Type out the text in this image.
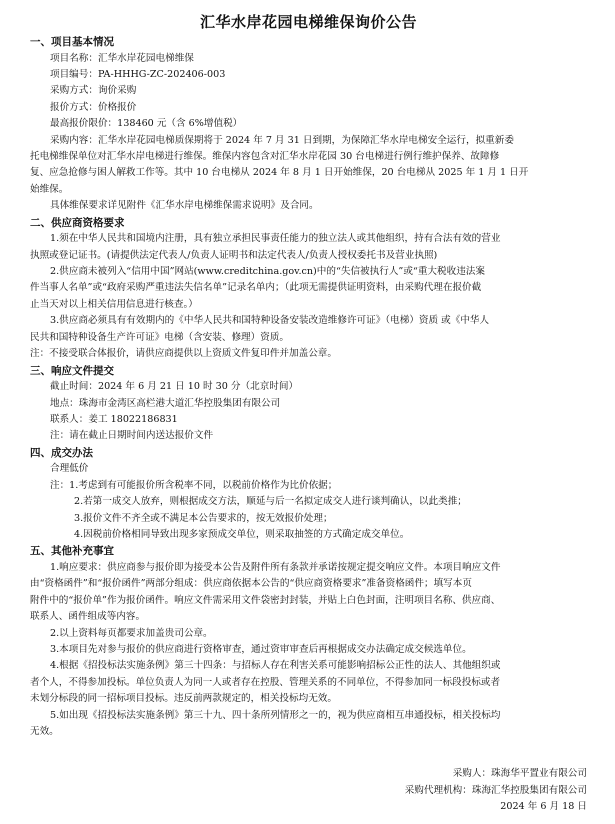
汇华水岸花园电梯维保询价公告
一、项目基本情况
项目名称：汇华水岸花园电梯维保
项目编号：PA-HHHG-ZC-202406-003
采购方式：询价采购
报价方式：价格报价
最高报价限价：138460 元（含 6%增值税）
采购内容：汇华水岸花园电梯质保期将于 2024 年 7 月 31 日到期，为保障汇华水岸电梯安全运行，拟重新委
托电梯维保单位对汇华水岸电梯进行维保。维保内容包含对汇华水岸花园 30 台电梯进行例行维护保养、故障修
复、应急抢修与困人解救工作等。其中 10 台电梯从 2024 年 8 月 1 日开始维保，20 台电梯从 2025 年 1 月 1 日开
始维保。
具体维保要求详见附件《汇华水岸电梯维保需求说明》及合同。
二、供应商资格要求
1.须在中华人民共和国境内注册，具有独立承担民事责任能力的独立法人或其他组织，持有合法有效的营业
执照或登记证书。(请提供法定代表人/负责人证明书和法定代表人/负责人授权委托书及营业执照)
2.供应商未被列入“信用中国”网站(www.creditchina.gov.cn)中的“失信被执行人”或“重大税收违法案
件当事人名单”或“政府采购严重违法失信名单”记录名单内；（此项无需提供证明资料，由采购代理在报价截
止当天对以上相关信用信息进行核查。）
3.供应商必须具有有效期内的《中华人民共和国特种设备安装改造维修许可证》（电梯）资质 或《中华人
民共和国特种设备生产许可证》电梯（含安装、修理）资质。
注：不接受联合体报价，请供应商提供以上资质文件复印件并加盖公章。
三、响应文件提交
截止时间：2024 年 6 月 21 日 10 时 30 分（北京时间）
地点：珠海市金湾区高栏港大道汇华控股集团有限公司
联系人：姜工 18022186831
注：请在截止日期时间内送达报价文件
四、成交办法
合理低价
注：1.考虑到有可能报价所含税率不同，以税前价格作为比价依据；
2.若第一成交人放弃，则根据成交方法，顺延与后一名拟定成交人进行谈判确认，以此类推；
3.报价文件不齐全或不满足本公告要求的，按无效报价处理；
4.因税前价格相同导致出现多家预成交单位，则采取抽签的方式确定成交单位。
五、其他补充事宜
1.响应要求：供应商参与报价即为接受本公告及附件所有条款并承诺按规定提交响应文件。本项目响应文件
由“资格函件”和“报价函件”两部分组成：供应商依据本公告的“供应商资格要求”准备资格函件；填写本页
附件中的“报价单”作为报价函件。响应文件需采用文件袋密封封装，并贴上白色封面，注明项目名称、供应商、
联系人、函件组成等内容。
2.以上资料每页都要求加盖贵司公章。
3.本项目先对参与报价的供应商进行资格审查，通过资审审查后再根据成交办法确定成交候选单位。
4.根据《招投标法实施条例》第三十四条：与招标人存在利害关系可能影响招标公正性的法人、其他组织或
者个人，不得参加投标。单位负责人为同一人或者存在控股、管理关系的不同单位，不得参加同一标段投标或者
未划分标段的同一招标项目投标。违反前两款规定的，相关投标均无效。
5.如出现《招投标法实施条例》第三十九、四十条所列情形之一的，视为供应商相互串通投标，相关投标均
无效。
采购人：珠海华平置业有限公司
采购代理机构：珠海汇华控股集团有限公司
2024 年 6 月 18 日
